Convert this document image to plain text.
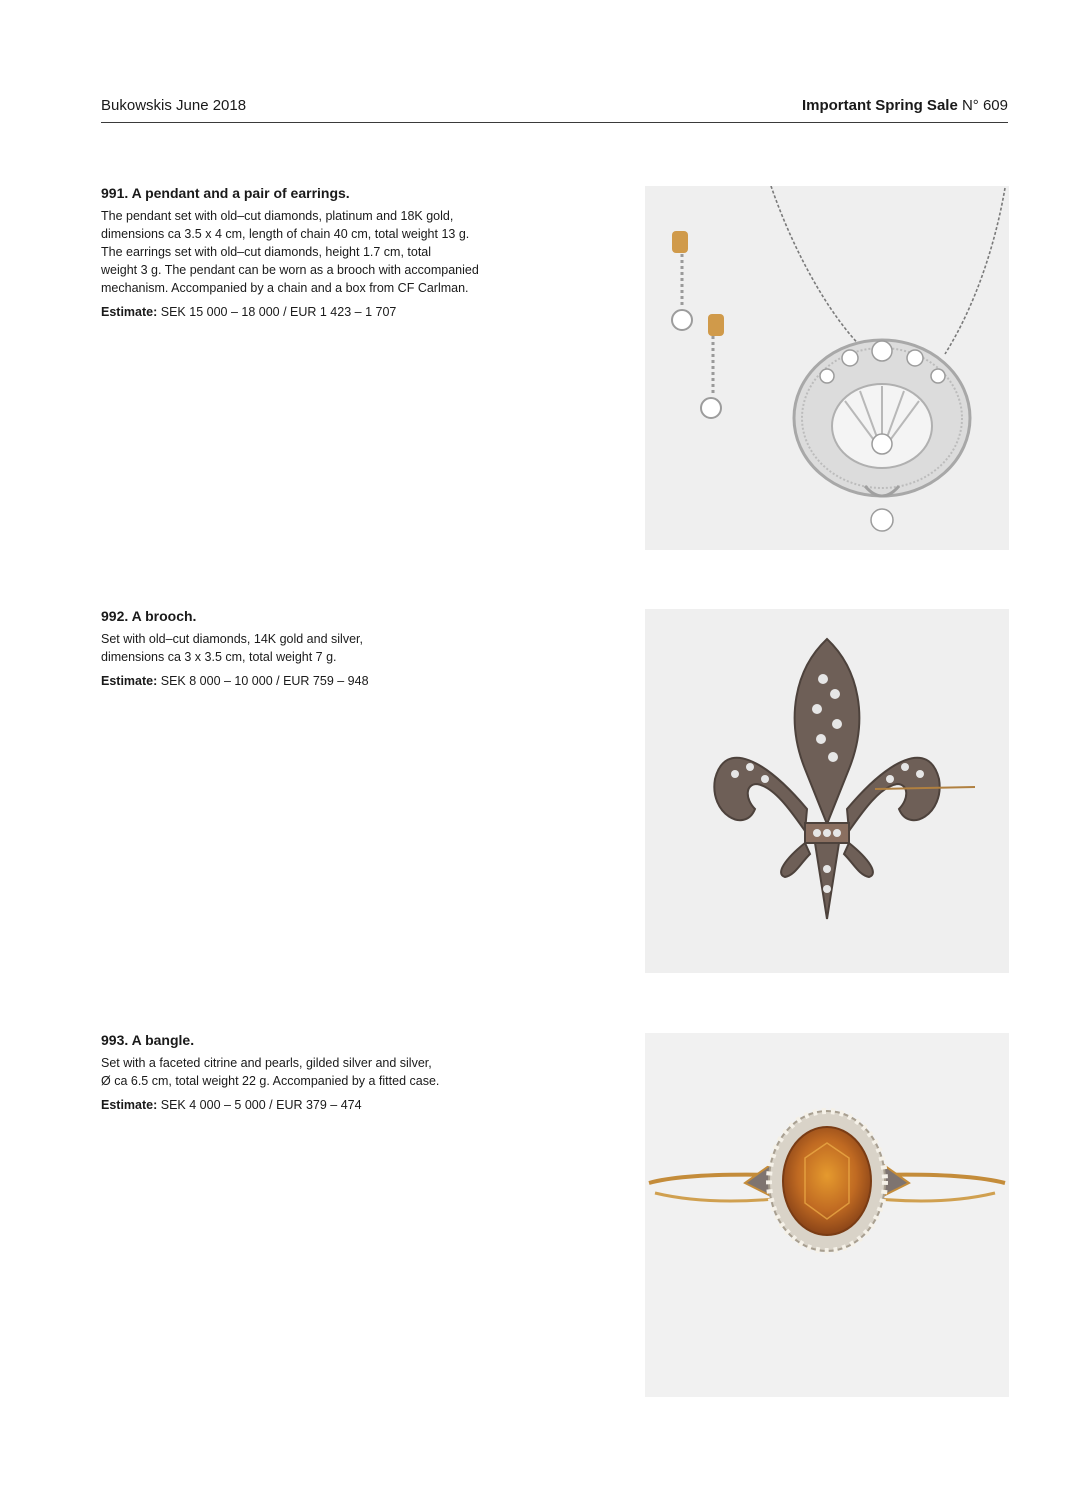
Bukowskis June 2018	Important Spring Sale N° 609
991. A pendant and a pair of earrings.
The pendant set with old–cut diamonds, platinum and 18K gold,
dimensions ca 3.5 x 4 cm, length of chain 40 cm, total weight 13 g.
The earrings set with old–cut diamonds, height 1.7 cm, total
weight 3 g. The pendant can be worn as a brooch with accompanied
mechanism. Accompanied by a chain and a box from CF Carlman.
Estimate: SEK 15 000 – 18 000 / EUR 1 423 – 1 707
992. A brooch.
Set with old–cut diamonds, 14K gold and silver,
dimensions ca 3 x 3.5 cm, total weight 7 g.
Estimate: SEK 8 000 – 10 000 / EUR 759 – 948
993. A bangle.
Set with a faceted citrine and pearls, gilded silver and silver,
Ø ca 6.5 cm, total weight 22 g. Accompanied by a fitted case.
Estimate: SEK 4 000 – 5 000 / EUR 379 – 474
